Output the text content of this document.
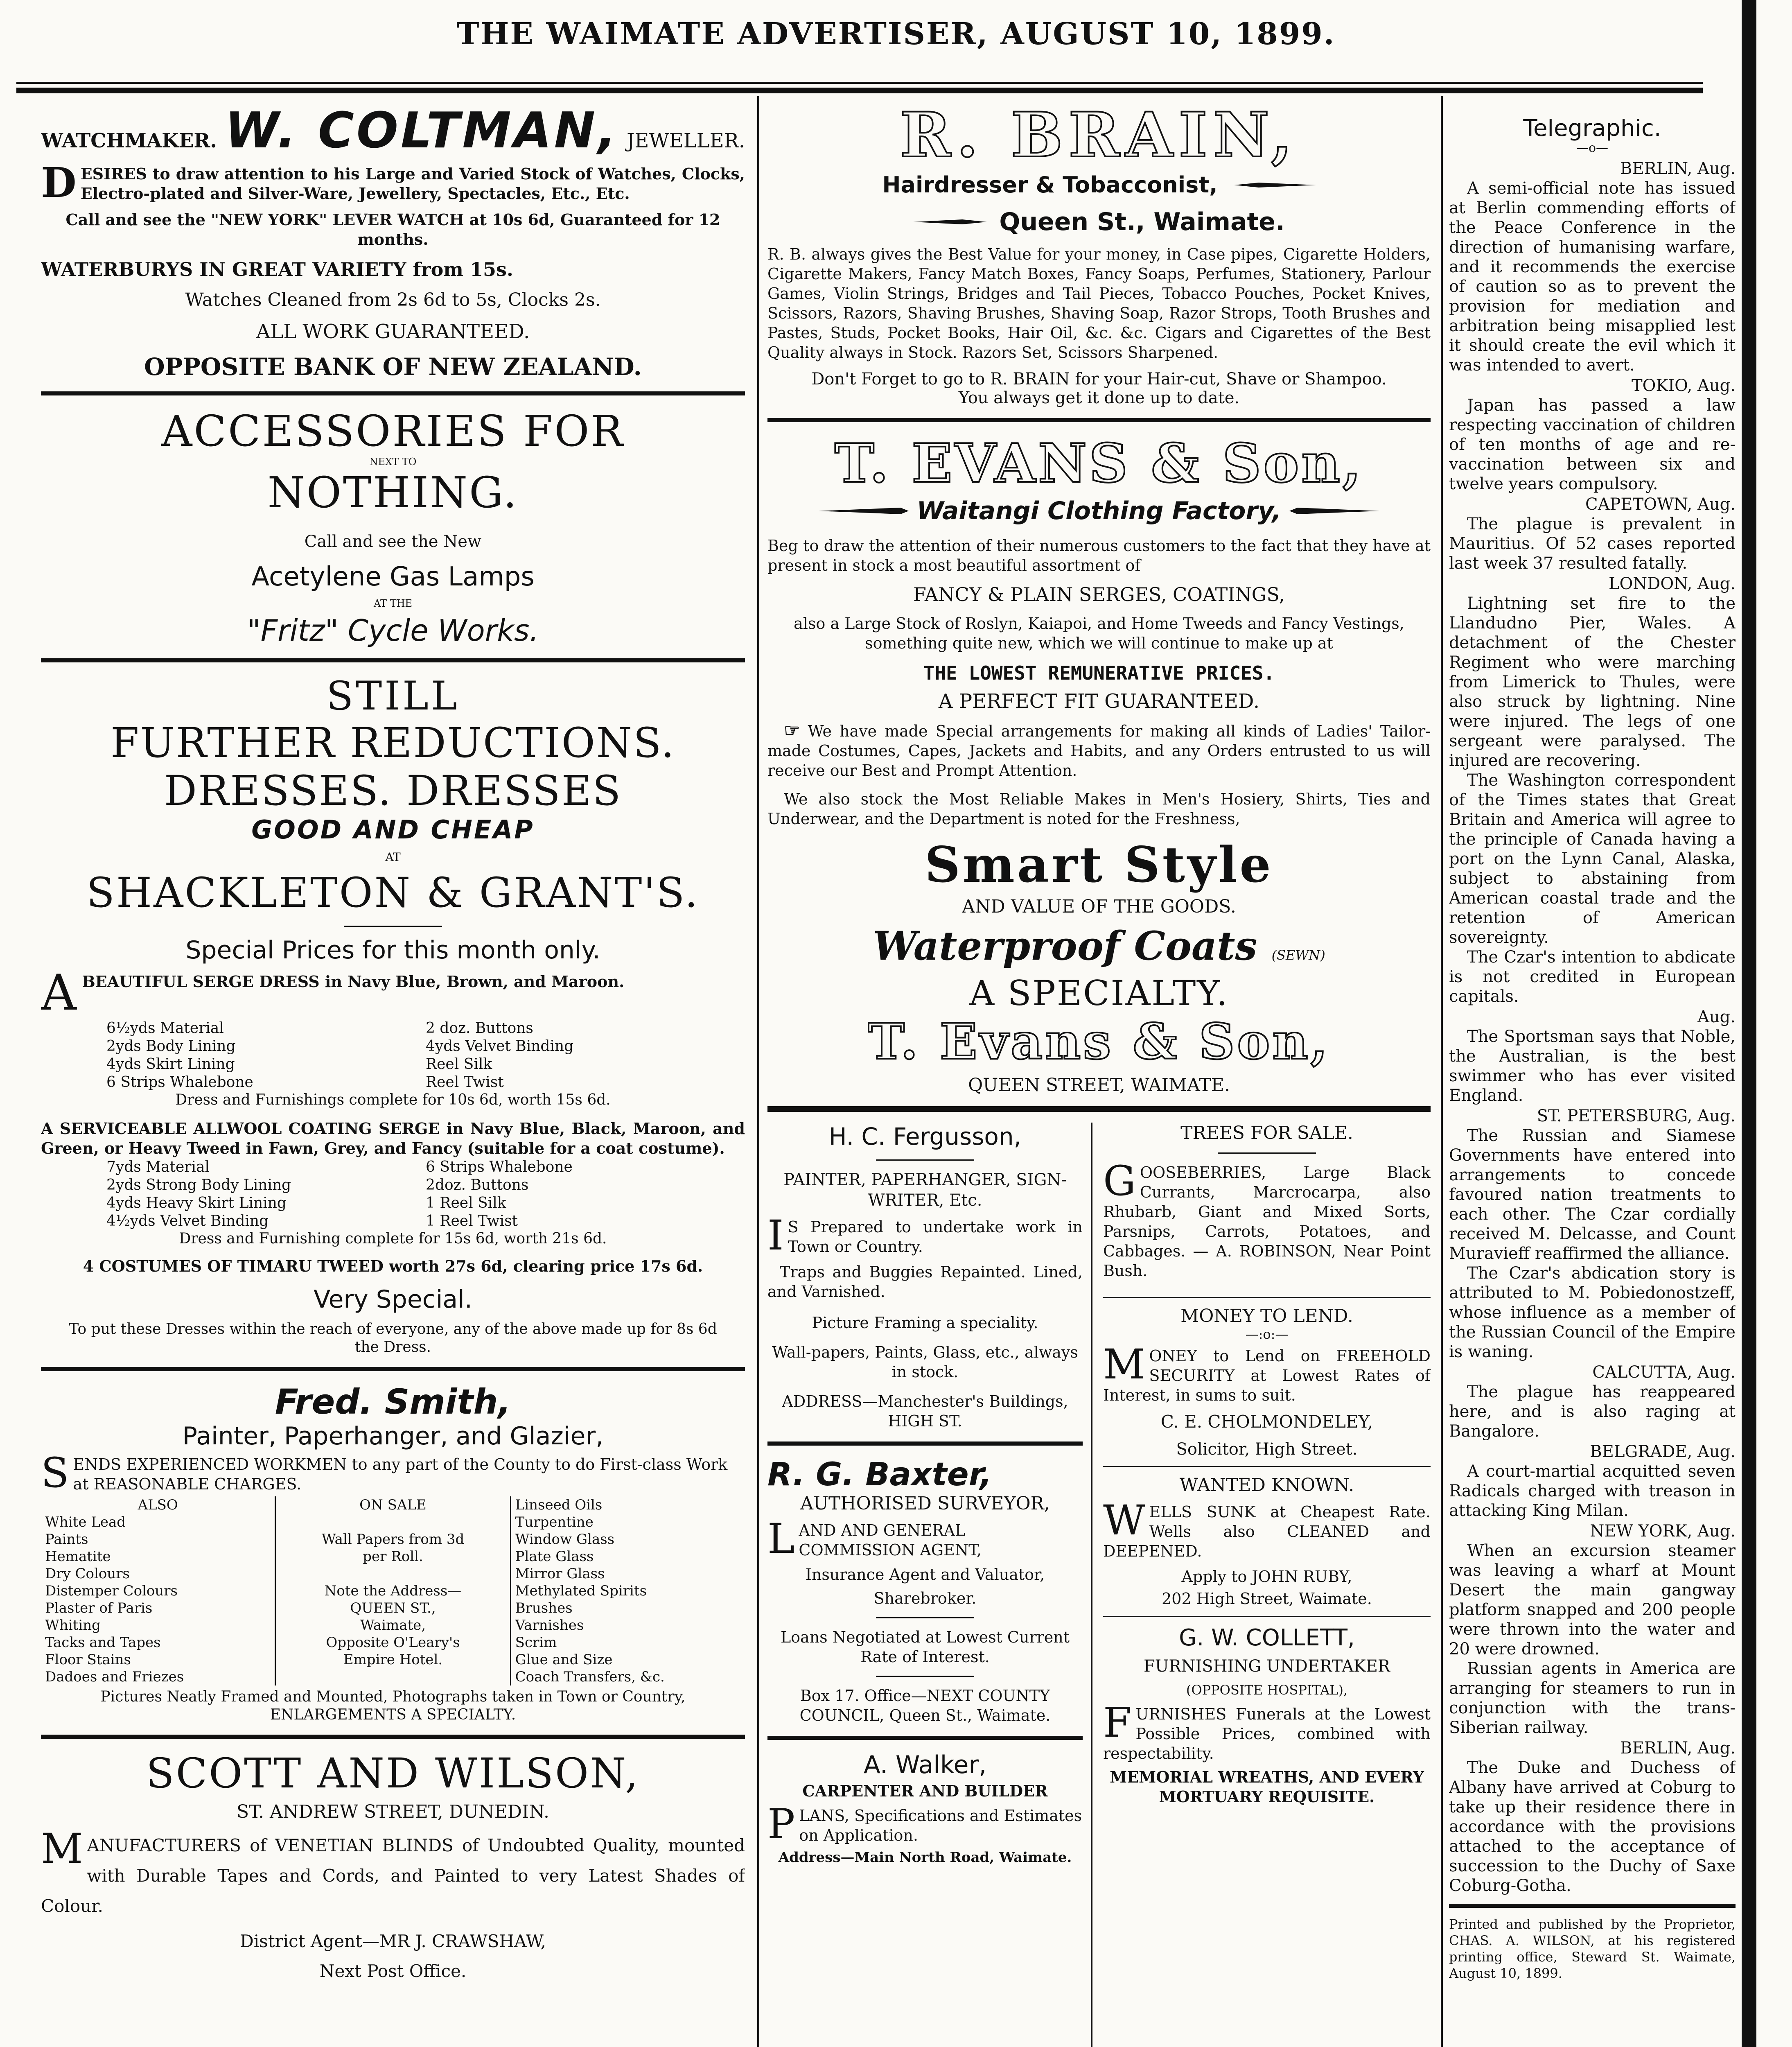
THE WAIMATE ADVERTISER, AUGUST 10, 1899.
WATCHMAKER. W. COLTMAN, JEWELLER.
DESIRES to draw attention to his Large and Varied Stock of Watches, Clocks, Electro-plated and Silver-Ware, Jewellery, Spectacles, Etc., Etc.

Call and see the "NEW YORK" LEVER WATCH at 10s 6d, Guaranteed for 12 months.

WATERBURYS IN GREAT VARIETY from 15s.

Watches Cleaned from 2s 6d to 5s, Clocks 2s.

ALL WORK GUARANTEED.

OPPOSITE BANK OF NEW ZEALAND.

ACCESSORIES FOR

NEXT TO

NOTHING.

Call and see the New

Acetylene Gas Lamps

AT THE

"Fritz" Cycle Works.

STILL

FURTHER REDUCTIONS.

DRESSES. DRESSES

GOOD AND CHEAP

AT

SHACKLETON & GRANT'S.

Special Prices for this month only.

ABEAUTIFUL SERGE DRESS in Navy Blue, Brown, and Maroon.

6½yds Material

2yds Body Lining

4yds Skirt Lining

6 Strips Whalebone

2 doz. Buttons

4yds Velvet Binding

Reel Silk

Reel Twist

Dress and Furnishings complete for 10s 6d, worth 15s 6d.

A SERVICEABLE ALLWOOL COATING SERGE in Navy Blue, Black, Maroon, and Green, or Heavy Tweed in Fawn, Grey, and Fancy (suitable for a coat costume).

7yds Material

2yds Strong Body Lining

4yds Heavy Skirt Lining

4½yds Velvet Binding

6 Strips Whalebone

2doz. Buttons

1 Reel Silk

1 Reel Twist

Dress and Furnishing complete for 15s 6d, worth 21s 6d.

4 COSTUMES OF TIMARU TWEED worth 27s 6d, clearing price 17s 6d.

Very Special.

To put these Dresses within the reach of everyone, any of the above made up for 8s 6d the Dress.

Fred. Smith,

Painter, Paperhanger, and Glazier,

SENDS EXPERIENCED WORKMEN to any part of the County to do First-class Work at REASONABLE CHARGES.

ALSO

White Lead

Paints

Hematite

Dry Colours

Distemper Colours

Plaster of Paris

Whiting

Tacks and Tapes

Floor Stains

Dadoes and Friezes

ON SALE

Wall Papers from 3d

per Roll.

Note the Address—

QUEEN ST.,

Waimate,

Opposite O'Leary's

Empire Hotel.

Linseed Oils

Turpentine

Window Glass

Plate Glass

Mirror Glass

Methylated Spirits

Brushes

Varnishes

Scrim

Glue and Size

Coach Transfers, &c.

Pictures Neatly Framed and Mounted, Photographs taken in Town or Country, ENLARGEMENTS A SPECIALTY.

SCOTT AND WILSON,

ST. ANDREW STREET, DUNEDIN.

MANUFACTURERS of VENETIAN BLINDS of Undoubted Quality, mounted with Durable Tapes and Cords, and Painted to very Latest Shades of Colour.

District Agent—MR J. CRAWSHAW,

Next Post Office.

R. BRAIN,

Hairdresser & Tobacconist,
Queen St., Waimate.

R. B. always gives the Best Value for your money, in Case pipes, Cigarette Holders, Cigarette Makers, Fancy Match Boxes, Fancy Soaps, Perfumes, Stationery, Parlour Games, Violin Strings, Bridges and Tail Pieces, Tobacco Pouches, Pocket Knives, Scissors, Razors, Shaving Brushes, Shaving Soap, Razor Strops, Tooth Brushes and Pastes, Studs, Pocket Books, Hair Oil, &c. &c. Cigars and Cigarettes of the Best Quality always in Stock. Razors Set, Scissors Sharpened.

Don't Forget to go to R. BRAIN for your Hair-cut, Shave or Shampoo.

You always get it done up to date.

T. EVANS & Son,

Waitangi Clothing Factory,

Beg to draw the attention of their numerous customers to the fact that they have at present in stock a most beautiful assortment of

FANCY & PLAIN SERGES, COATINGS,

also a Large Stock of Roslyn, Kaiapoi, and Home Tweeds and Fancy Vestings, something quite new, which we will continue to make up at

THE LOWEST REMUNERATIVE PRICES.

A PERFECT FIT GUARANTEED.

☞ We have made Special arrangements for making all kinds of Ladies' Tailor-made Costumes, Capes, Jackets and Habits, and any Orders entrusted to us will receive our Best and Prompt Attention.

We also stock the Most Reliable Makes in Men's Hosiery, Shirts, Ties and Underwear, and the Department is noted for the Freshness,

Smart Style

AND VALUE OF THE GOODS.

Waterproof Coats (SEWN)

A SPECIALTY.

T. Evans & Son,

QUEEN STREET, WAIMATE.

H. C. Fergusson,

PAINTER, PAPERHANGER, SIGN-WRITER, Etc.

I S Prepared to undertake work in Town or Country.

Traps and Buggies Repainted. Lined, and Varnished.

Picture Framing a speciality.

Wall-papers, Paints, Glass, etc., always in stock.

ADDRESS—Manchester's Buildings, HIGH ST.

R. G. Baxter,

AUTHORISED SURVEYOR,

LAND AND GENERAL COMMISSION AGENT,

Insurance Agent and Valuator,

Sharebroker.

Loans Negotiated at Lowest Current Rate of Interest.

Box 17. Office—NEXT COUNTY COUNCIL, Queen St., Waimate.

A. Walker,

CARPENTER AND BUILDER

PLANS, Specifications and Estimates on Application.

Address—Main North Road, Waimate.

TREES FOR SALE.

GOOSEBERRIES, Large Black Currants, Marcrocarpa, also Rhubarb, Giant and Mixed Sorts, Parsnips, Carrots, Potatoes, and Cabbages. — A. ROBINSON, Near Point Bush.

MONEY TO LEND.

—:o:—

MONEY to Lend on FREEHOLD SECURITY at Lowest Rates of Interest, in sums to suit.

C. E. CHOLMONDELEY,

Solicitor, High Street.

WANTED KNOWN.

WELLS SUNK at Cheapest Rate. Wells also CLEANED and DEEPENED.

Apply to JOHN RUBY,

202 High Street, Waimate.

G. W. COLLETT,

FURNISHING UNDERTAKER

(OPPOSITE HOSPITAL),

FURNISHES Funerals at the Lowest Possible Prices, combined with respectability.

MEMORIAL WREATHS, AND EVERY MORTUARY REQUISITE.

Telegraphic.

—o—

BERLIN, Aug.

A semi-official note has issued at Berlin commending efforts of the Peace Conference in the direction of humanising warfare, and it recommends the exercise of caution so as to prevent the provision for mediation and arbitration being misapplied lest it should create the evil which it was intended to avert.

TOKIO, Aug.

Japan has passed a law respecting vaccination of children of ten months of age and re-vaccination between six and twelve years compulsory.

CAPETOWN, Aug.

The plague is prevalent in Mauritius. Of 52 cases reported last week 37 resulted fatally.

LONDON, Aug.

Lightning set fire to the Llandudno Pier, Wales. A detachment of the Chester Regiment who were marching from Limerick to Thules, were also struck by lightning. Nine were injured. The legs of one sergeant were paralysed. The injured are recovering.

The Washington correspondent of the Times states that Great Britain and America will agree to the principle of Canada having a port on the Lynn Canal, Alaska, subject to abstaining from American coastal trade and the retention of American sovereignty.

The Czar's intention to abdicate is not credited in European capitals.

Aug.

The Sportsman says that Noble, the Australian, is the best swimmer who has ever visited England.

ST. PETERSBURG, Aug.

The Russian and Siamese Governments have entered into arrangements to concede favoured nation treatments to each other. The Czar cordially received M. Delcasse, and Count Muravieff reaffirmed the alliance.

The Czar's abdication story is attributed to M. Pobiedonostzeff, whose influence as a member of the Russian Council of the Empire is waning.

CALCUTTA, Aug.

The plague has reappeared here, and is also raging at Bangalore.

BELGRADE, Aug.

A court-martial acquitted seven Radicals charged with treason in attacking King Milan.

NEW YORK, Aug.

When an excursion steamer was leaving a wharf at Mount Desert the main gangway platform snapped and 200 people were thrown into the water and 20 were drowned.

Russian agents in America are arranging for steamers to run in conjunction with the trans-Siberian railway.

BERLIN, Aug.

The Duke and Duchess of Albany have arrived at Coburg to take up their residence there in accordance with the provisions attached to the acceptance of succession to the Duchy of Saxe Coburg-Gotha.

Printed and published by the Proprietor, CHAS. A. WILSON, at his registered printing office, Steward St. Waimate, August 10, 1899.
